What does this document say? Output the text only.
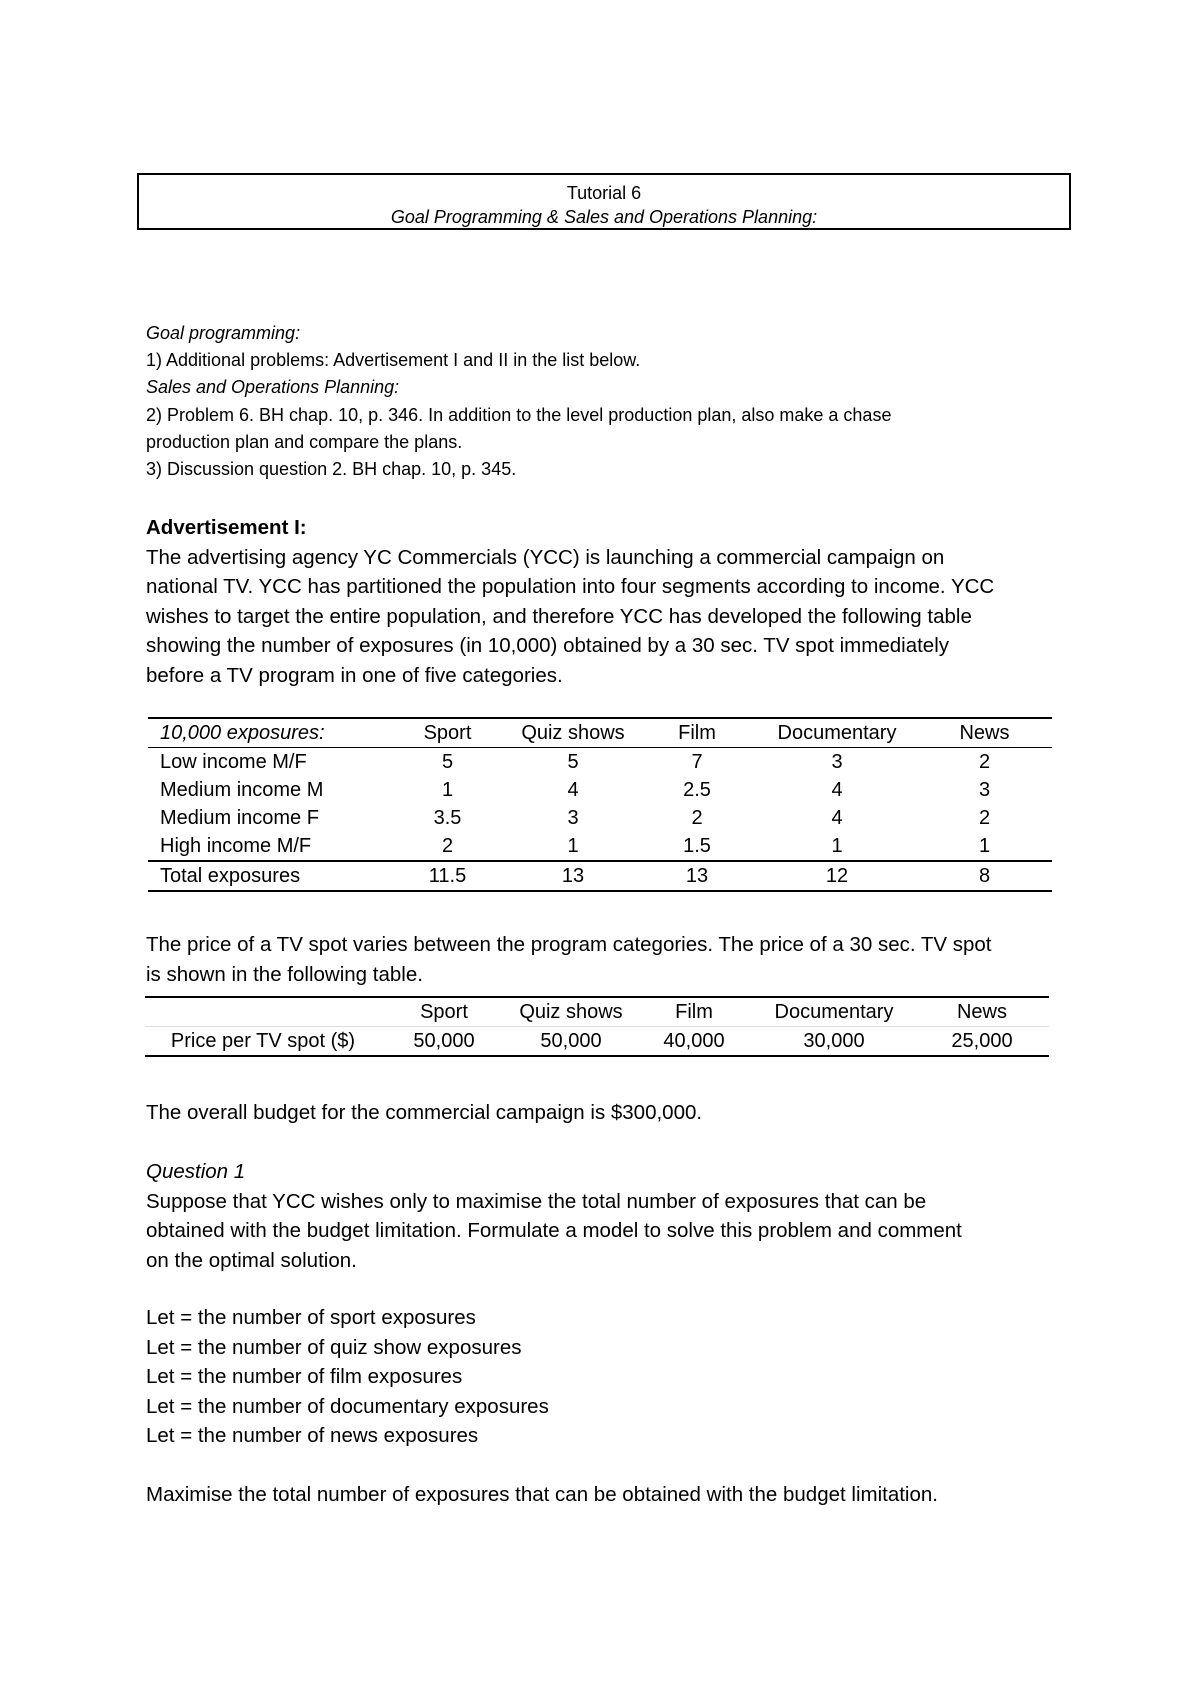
Tutorial 6
Goal Programming & Sales and Operations Planning:
Goal programming:
1) Additional problems: Advertisement I and II in the list below.
Sales and Operations Planning:
2) Problem 6. BH chap. 10, p. 346. In addition to the level production plan, also make a chase
production plan and compare the plans.
3) Discussion question 2. BH chap. 10, p. 345.
Advertisement I:
The advertising agency YC Commercials (YCC) is launching a commercial campaign on
national TV. YCC has partitioned the population into four segments according to income. YCC
wishes to target the entire population, and therefore YCC has developed the following table
showing the number of exposures (in 10,000) obtained by a 30 sec. TV spot immediately
before a TV program in one of five categories.
10,000 exposures:	Sport	Quiz shows	Film	Documentary	News
Low income M/F	5	5	7	3	2
Medium income M	1	4	2.5	4	3
Medium income F	3.5	3	2	4	2
High income M/F	2	1	1.5	1	1
Total exposures	11.5	13	13	12	8
The price of a TV spot varies between the program categories. The price of a 30 sec. TV spot
is shown in the following table.
	Sport	Quiz shows	Film	Documentary	News
Price per TV spot ($)	50,000	50,000	40,000	30,000	25,000
The overall budget for the commercial campaign is $300,000.
Question 1
Suppose that YCC wishes only to maximise the total number of exposures that can be
obtained with the budget limitation. Formulate a model to solve this problem and comment
on the optimal solution.
Let = the number of sport exposures
Let = the number of quiz show exposures
Let = the number of film exposures
Let = the number of documentary exposures
Let = the number of news exposures
Maximise the total number of exposures that can be obtained with the budget limitation.
